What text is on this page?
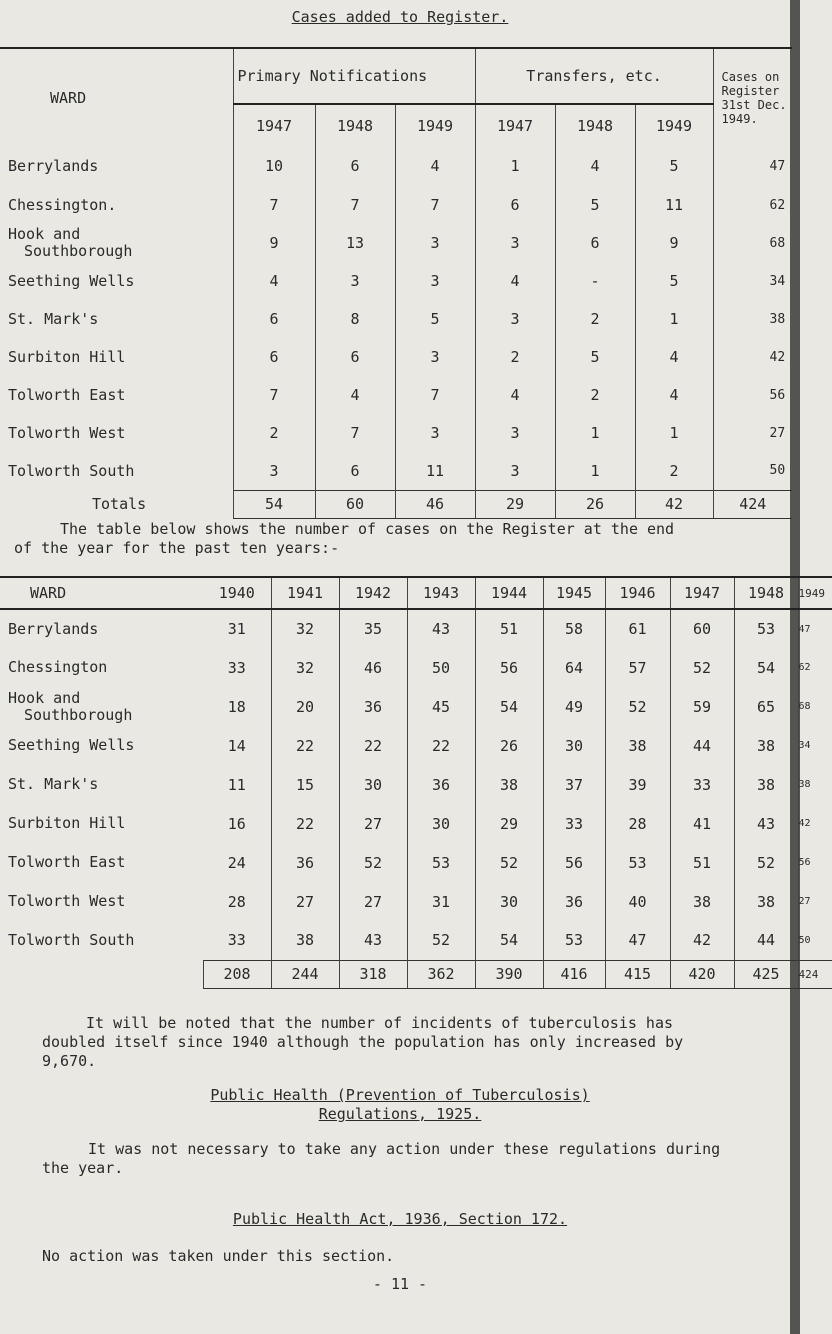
Cases added to Register.
WARD	Primary Notifications			Transfers, etc.			Cases on
Register
31st Dec.
1949.

	1947	1948	1949	1947	1948	1949	

Berrylands	10	6	4	1	4	5	47

Chessington.	7	7	7	6	5	11	62

Hook and
Southborough	9	13	3	3	6	9	68

Seething Wells	4	3	3	4	-	5	34

St. Mark's	6	8	5	3	2	1	38

Surbiton Hill	6	6	3	2	5	4	42

Tolworth East	7	4	7	4	2	4	56

Tolworth West	2	7	3	3	1	1	27

Tolworth South	3	6	11	3	1	2	50
Totals	54	60	46	29	26	42	424
The table below shows the number of cases on the Register at the end
of the year for the past ten years:-
WARD	1940	1941	1942	1943	1944	1945	1946	1947	1948	1949

Berrylands	31	32	35	43	51	58	61	60	53	47

Chessington	33	32	46	50	56	64	57	52	54	62

Hook and
Southborough	18	20	36	45	54	49	52	59	65	68

Seething Wells	14	22	22	22	26	30	38	44	38	34

St. Mark's	11	15	30	36	38	37	39	33	38	38

Surbiton Hill	16	22	27	30	29	33	28	41	43	42

Tolworth East	24	36	52	53	52	56	53	51	52	56

Tolworth West	28	27	27	31	30	36	40	38	38	27

Tolworth South	33	38	43	52	54	53	47	42	44	50
	208	244	318	362	390	416	415	420	425	424
It will be noted that the number of incidents of tuberculosis has
doubled itself since 1940 although the population has only increased by
9,670.
Public Health (Prevention of Tuberculosis)
Regulations, 1925.
It was not necessary to take any action under these regulations during
the year.
Public Health Act, 1936, Section 172.
No action was taken under this section.
- 11 -
